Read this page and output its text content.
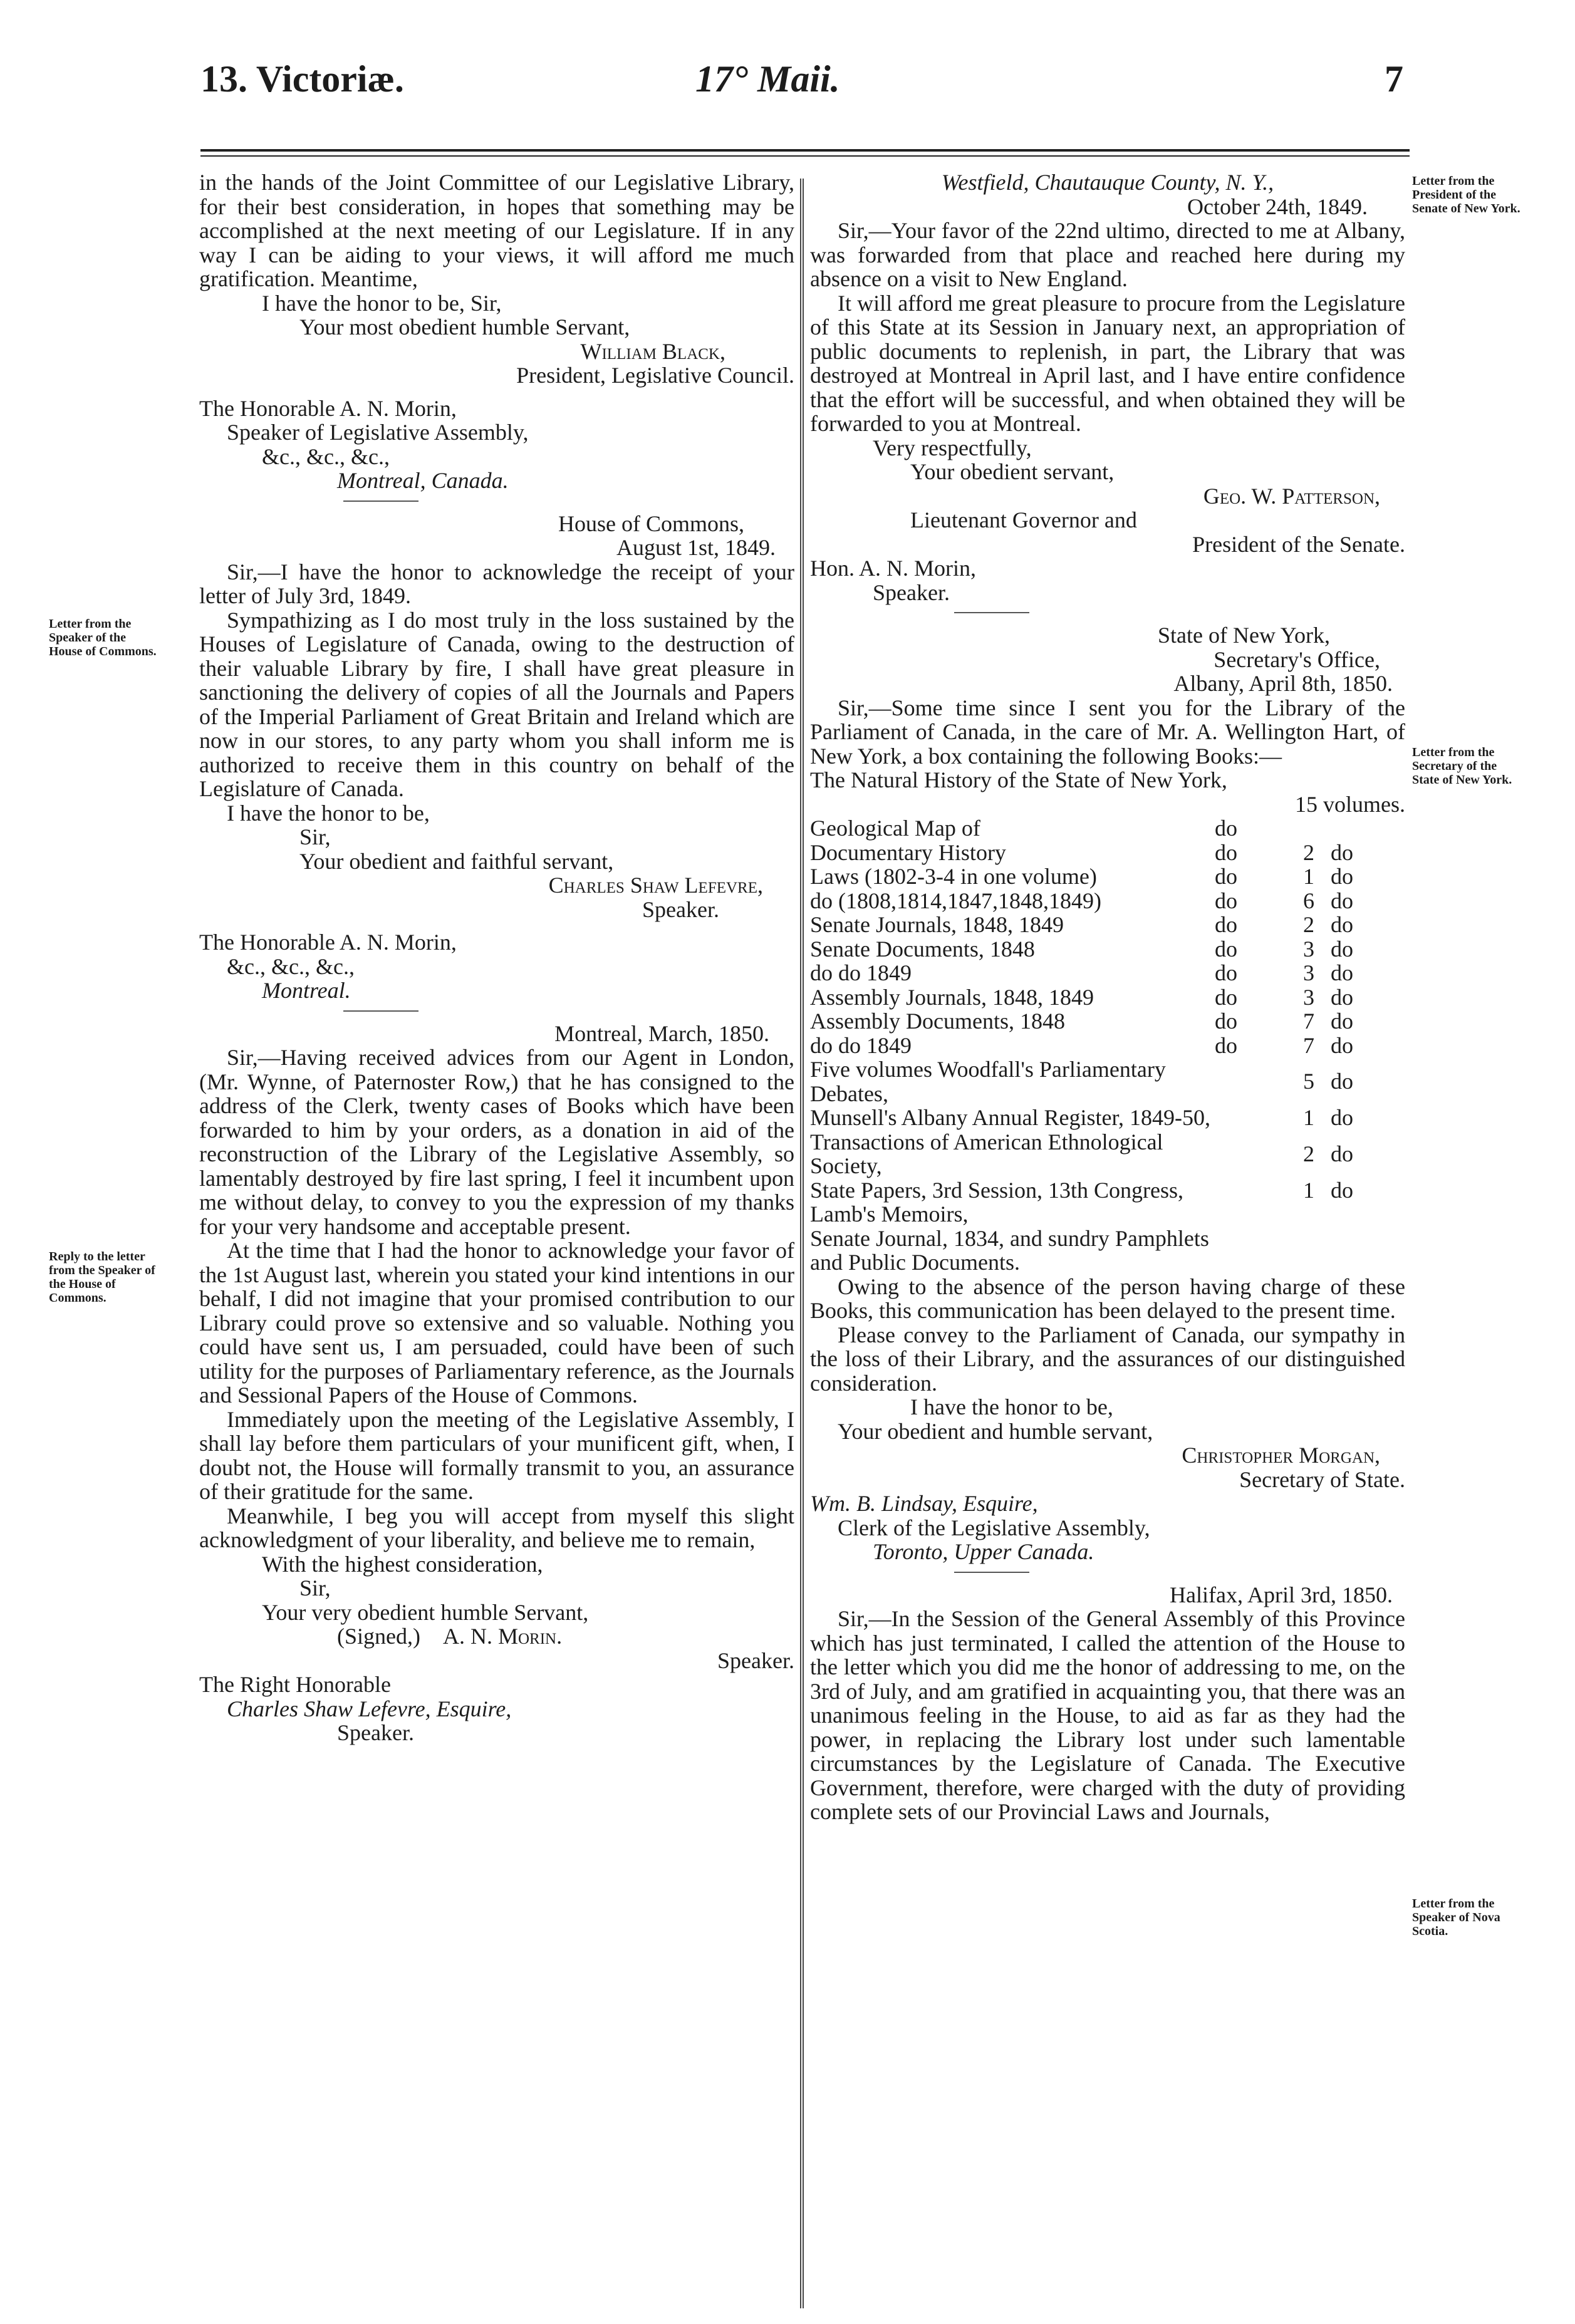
13. Victoriæ.	17° Maii.	7
Letter from the Speaker of the House of Commons.
Reply to the letter from the Speaker of the House of Commons.
Letter from the President of the Senate of New York.
Letter from the Secretary of the State of New York.
Letter from the Speaker of Nova Scotia.

in the hands of the Joint Committee of our Legislative Library, for their best consideration, in hopes that something may be accomplished at the next meeting of our Legislature. If in any way I can be aiding to your views, it will afford me much gratification. Meantime,

I have the honor to be, Sir,

Your most obedient humble Servant,

William Black,

President, Legislative Council.

The Honorable A. N. Morin,

Speaker of Legislative Assembly,

&c., &c., &c.,

Montreal, Canada.

House of Commons,

August 1st, 1849.

Sir,—I have the honor to acknowledge the receipt of your letter of July 3rd, 1849.

Sympathizing as I do most truly in the loss sustained by the Houses of Legislature of Canada, owing to the destruction of their valuable Library by fire, I shall have great pleasure in sanctioning the delivery of copies of all the Journals and Papers of the Imperial Parliament of Great Britain and Ireland which are now in our stores, to any party whom you shall inform me is authorized to receive them in this country on behalf of the Legislature of Canada.

I have the honor to be,

Sir,

Your obedient and faithful servant,

Charles Shaw Lefevre,

Speaker.

The Honorable A. N. Morin,

&c., &c., &c.,

Montreal.

Montreal, March, 1850.

Sir,—Having received advices from our Agent in London, (Mr. Wynne, of Paternoster Row,) that he has consigned to the address of the Clerk, twenty cases of Books which have been forwarded to him by your orders, as a donation in aid of the reconstruction of the Library of the Legislative Assembly, so lamentably destroyed by fire last spring, I feel it incumbent upon me without delay, to convey to you the expression of my thanks for your very handsome and acceptable present.

At the time that I had the honor to acknowledge your favor of the 1st August last, wherein you stated your kind intentions in our behalf, I did not imagine that your promised contribution to our Library could prove so extensive and so valuable. Nothing you could have sent us, I am persuaded, could have been of such utility for the purposes of Parliamentary reference, as the Journals and Sessional Papers of the House of Commons.

Immediately upon the meeting of the Legislative Assembly, I shall lay before them particulars of your munificent gift, when, I doubt not, the House will formally transmit to you, an assurance of their gratitude for the same.

Meanwhile, I beg you will accept from myself this slight acknowledgment of your liberality, and believe me to remain,

With the highest consideration,

Sir,

Your very obedient humble Servant,

(Signed,) A. N. Morin.

Speaker.

The Right Honorable

Charles Shaw Lefevre, Esquire,

Speaker.

Westfield, Chautauque County, N. Y.,

October 24th, 1849.

Sir,—Your favor of the 22nd ultimo, directed to me at Albany, was forwarded from that place and reached here during my absence on a visit to New England.

It will afford me great pleasure to procure from the Legislature of this State at its Session in January next, an appropriation of public documents to replenish, in part, the Library that was destroyed at Montreal in April last, and I have entire confidence that the effort will be successful, and when obtained they will be forwarded to you at Montreal.

Very respectfully,

Your obedient servant,

Geo. W. Patterson,

Lieutenant Governor and

President of the Senate.

Hon. A. N. Morin,

Speaker.

State of New York,

Secretary's Office,

Albany, April 8th, 1850.

Sir,—Some time since I sent you for the Library of the Parliament of Canada, in the care of Mr. A. Wellington Hart, of New York, a box containing the following Books:—

The Natural History of the State of New York,

15 volumes.

Geological Map of	do		
Documentary History	do	2	do
Laws (1802-3-4 in one volume)	do	1	do
do (1808,1814,1847,1848,1849)	do	6	do
Senate Journals, 1848, 1849	do	2	do
Senate Documents, 1848	do	3	do
do do 1849	do	3	do
Assembly Journals, 1848, 1849	do	3	do
Assembly Documents, 1848	do	7	do
do do 1849	do	7	do
Five volumes Woodfall's Parliamentary Debates,		5	do
Munsell's Albany Annual Register, 1849-50,		1	do
Transactions of American Ethnological Society,		2	do
State Papers, 3rd Session, 13th Congress,		1	do
Lamb's Memoirs,			
Senate Journal, 1834, and sundry Pamphlets and Public Documents.			

Owing to the absence of the person having charge of these Books, this communication has been delayed to the present time.

Please convey to the Parliament of Canada, our sympathy in the loss of their Library, and the assurances of our distinguished consideration.

I have the honor to be,

Your obedient and humble servant,

Christopher Morgan,

Secretary of State.

Wm. B. Lindsay, Esquire,

Clerk of the Legislative Assembly,

Toronto, Upper Canada.

Halifax, April 3rd, 1850.

Sir,—In the Session of the General Assembly of this Province which has just terminated, I called the attention of the House to the letter which you did me the honor of addressing to me, on the 3rd of July, and am gratified in acquainting you, that there was an unanimous feeling in the House, to aid as far as they had the power, in replacing the Library lost under such lamentable circumstances by the Legislature of Canada. The Executive Government, therefore, were charged with the duty of providing complete sets of our Provincial Laws and Journals,
